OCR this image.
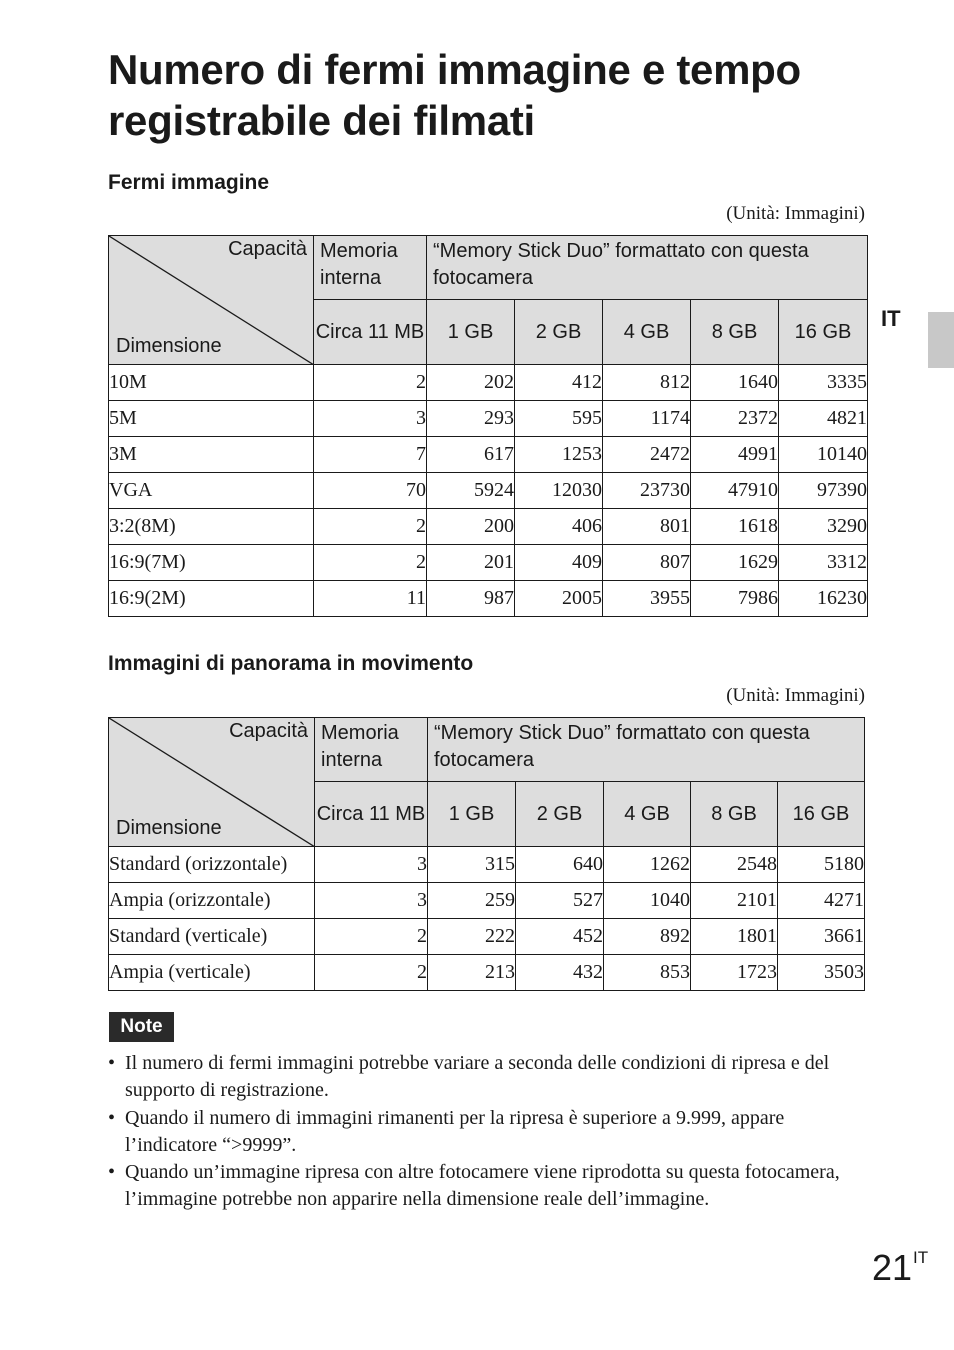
Numero di fermi immagine e tempo registrabile dei filmati
Fermi immagine
(Unità: Immagini)
Capacità
Dimensione	Memoria interna	“Memory Stick Duo” formattato con questa fotocamera				
	Circa 11 MB	1 GB	2 GB	4 GB	8 GB	16 GB
10M	2	202	412	812	1640	3335
5M	3	293	595	1174	2372	4821
3M	7	617	1253	2472	4991	10140
VGA	70	5924	12030	23730	47910	97390
3:2(8M)	2	200	406	801	1618	3290
16:9(7M)	2	201	409	807	1629	3312
16:9(2M)	11	987	2005	3955	7986	16230
IT
Immagini di panorama in movimento
(Unità: Immagini)
Capacità
Dimensione	Memoria interna	“Memory Stick Duo” formattato con questa fotocamera				
	Circa 11 MB	1 GB	2 GB	4 GB	8 GB	16 GB
Standard (orizzontale)	3	315	640	1262	2548	5180
Ampia (orizzontale)	3	259	527	1040	2101	4271
Standard (verticale)	2	222	452	892	1801	3661
Ampia (verticale)	2	213	432	853	1723	3503
Note
• Il numero di fermi immagini potrebbe variare a seconda delle condizioni di ripresa e del supporto di registrazione.
• Quando il numero di immagini rimanenti per la ripresa è superiore a 9.999, appare l’indicatore “>9999”.
• Quando un’immagine ripresa con altre fotocamere viene riprodotta su questa fotocamera, l’immagine potrebbe non apparire nella dimensione reale dell’immagine.
$21^{IT}$
